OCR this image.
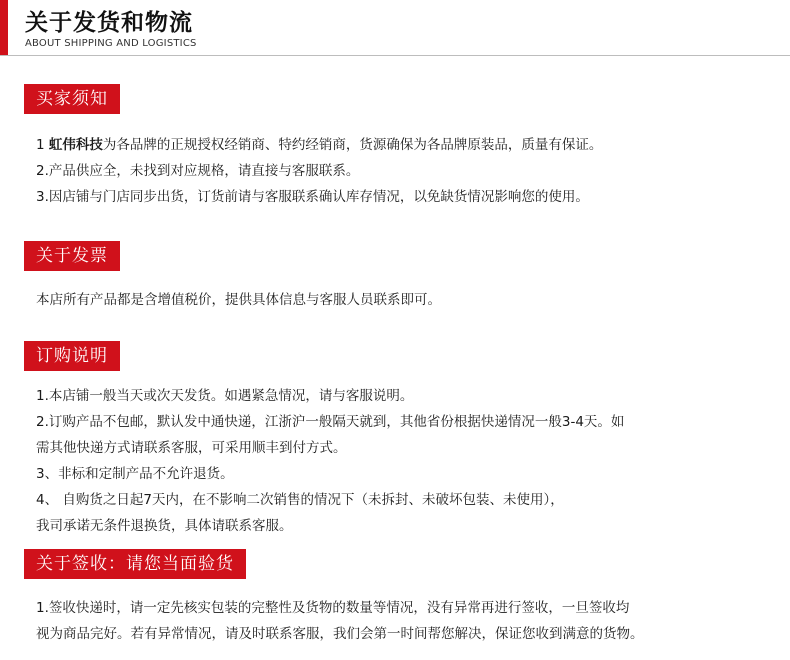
关于发货和物流
ABOUT SHIPPING AND LOGISTICS
买家须知
1 虹伟科技为各品牌的正规授权经销商、特约经销商，货源确保为各品牌原装品，质量有保证。
2.产品供应全，未找到对应规格，请直接与客服联系。
3.因店铺与门店同步出货，订货前请与客服联系确认库存情况，以免缺货情况影响您的使用。
关于发票
本店所有产品都是含增值税价，提供具体信息与客服人员联系即可。
订购说明
1.本店铺一般当天或次天发货。如遇紧急情况，请与客服说明。
2.订购产品不包邮，默认发中通快递，江浙沪一般隔天就到，其他省份根据快递情况一般3-4天。如
需其他快递方式请联系客服，可采用顺丰到付方式。
3、非标和定制产品不允许退货。
4、 自购货之日起7天内，在不影响二次销售的情况下（未拆封、未破坏包装、未使用），
我司承诺无条件退换货，具体请联系客服。
关于签收：请您当面验货
1.签收快递时，请一定先核实包装的完整性及货物的数量等情况，没有异常再进行签收，一旦签收均
视为商品完好。若有异常情况，请及时联系客服，我们会第一时间帮您解决，保证您收到满意的货物。
